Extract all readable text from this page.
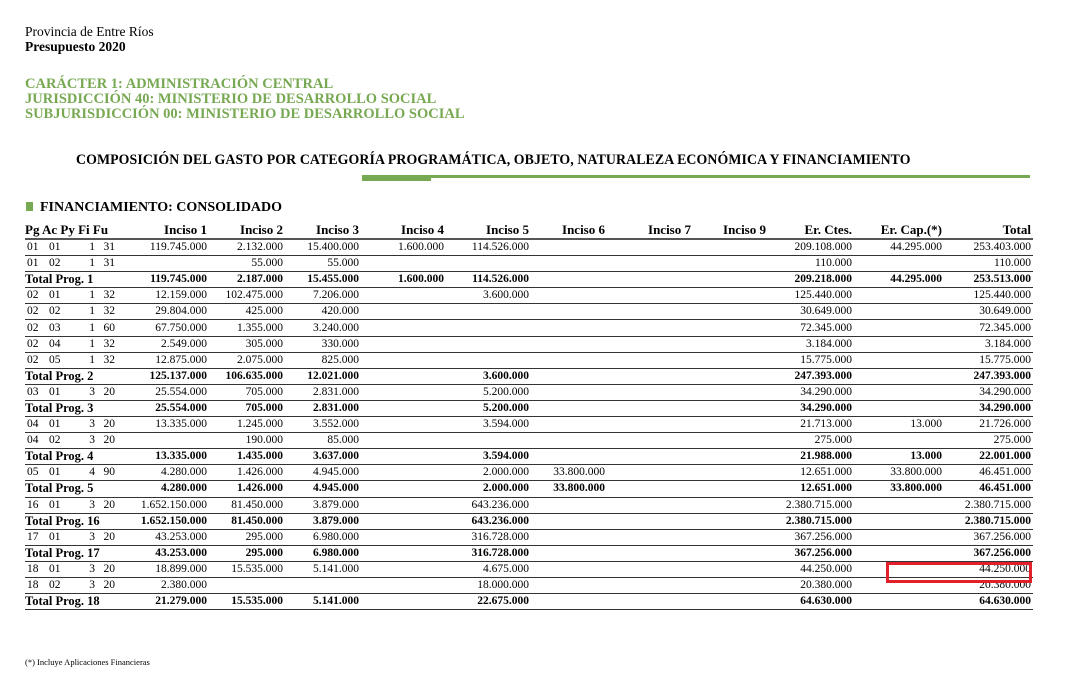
Provincia de Entre Ríos
Presupuesto 2020
CARÁCTER 1: ADMINISTRACIÓN CENTRAL
JURISDICCIÓN 40: MINISTERIO DE DESARROLLO SOCIAL
SUBJURISDICCIÓN 00: MINISTERIO DE DESARROLLO SOCIAL
COMPOSICIÓN DEL GASTO POR CATEGORÍA PROGRAMÁTICA, OBJETO, NATURALEZA ECONÓMICA Y FINANCIAMIENTO
FINANCIAMIENTO: CONSOLIDADO
Pg Ac Py Fi Fu	Inciso 1	Inciso 2	Inciso 3	Inciso 4	Inciso 5	Inciso 6	Inciso 7	Inciso 9	Er. Ctes.	Er. Cap.(*)	Total
01 01 1 31	119.745.000	2.132.000	15.400.000	1.600.000	114.526.000				209.108.000	44.295.000	253.403.000
01 02 1 31		55.000	55.000						110.000		110.000
Total Prog. 1	119.745.000	2.187.000	15.455.000	1.600.000	114.526.000				209.218.000	44.295.000	253.513.000
02 01 1 32	12.159.000	102.475.000	7.206.000		3.600.000				125.440.000		125.440.000
02 02 1 32	29.804.000	425.000	420.000						30.649.000		30.649.000
02 03 1 60	67.750.000	1.355.000	3.240.000						72.345.000		72.345.000
02 04 1 32	2.549.000	305.000	330.000						3.184.000		3.184.000
02 05 1 32	12.875.000	2.075.000	825.000						15.775.000		15.775.000
Total Prog. 2	125.137.000	106.635.000	12.021.000		3.600.000				247.393.000		247.393.000
03 01 3 20	25.554.000	705.000	2.831.000		5.200.000				34.290.000		34.290.000
Total Prog. 3	25.554.000	705.000	2.831.000		5.200.000				34.290.000		34.290.000
04 01 3 20	13.335.000	1.245.000	3.552.000		3.594.000				21.713.000	13.000	21.726.000
04 02 3 20		190.000	85.000						275.000		275.000
Total Prog. 4	13.335.000	1.435.000	3.637.000		3.594.000				21.988.000	13.000	22.001.000
05 01 4 90	4.280.000	1.426.000	4.945.000		2.000.000	33.800.000			12.651.000	33.800.000	46.451.000
Total Prog. 5	4.280.000	1.426.000	4.945.000		2.000.000	33.800.000			12.651.000	33.800.000	46.451.000
16 01 3 20	1.652.150.000	81.450.000	3.879.000		643.236.000				2.380.715.000		2.380.715.000
Total Prog. 16	1.652.150.000	81.450.000	3.879.000		643.236.000				2.380.715.000		2.380.715.000
17 01 3 20	43.253.000	295.000	6.980.000		316.728.000				367.256.000		367.256.000
Total Prog. 17	43.253.000	295.000	6.980.000		316.728.000				367.256.000		367.256.000
18 01 3 20	18.899.000	15.535.000	5.141.000		4.675.000				44.250.000		44.250.000
18 02 3 20	2.380.000				18.000.000				20.380.000		20.380.000
Total Prog. 18	21.279.000	15.535.000	5.141.000		22.675.000				64.630.000		64.630.000
(*) Incluye Aplicaciones Financieras
